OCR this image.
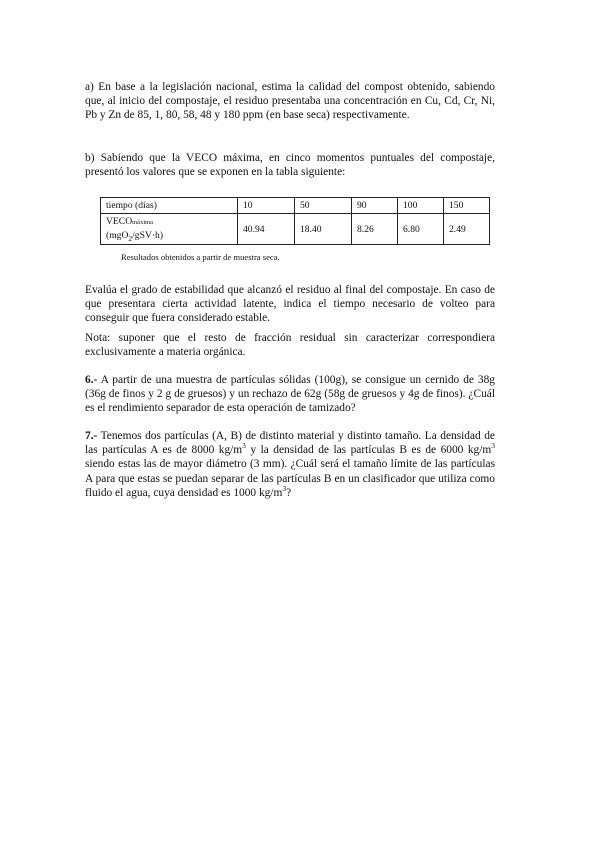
a) En base a la legislación nacional, estima la calidad del compost obtenido, sabiendo que, al inicio del compostaje, el residuo presentaba una concentración en Cu, Cd, Cr, Ni, Pb y Zn de 85, 1, 80, 58, 48 y 180 ppm (en base seca) respectivamente.

b) Sabiendo que la VECO máxima, en cinco momentos puntuales del compostaje, presentó los valores que se exponen en la tabla siguiente:

tiempo (días)	10	50	90	100	150

VECOmáxima
(mgO$_2$/gSV·h)	40.94	18.40	8.26	6.80	2.49

Resultados obtenidos a partir de muestra seca.

Evalúa el grado de estabilidad que alcanzó el residuo al final del compostaje. En caso de que presentara cierta actividad latente, indica el tiempo necesario de volteo para conseguir que fuera considerado estable.

Nota: suponer que el resto de fracción residual sin caracterizar correspondiera exclusivamente a materia orgánica.

6.- A partir de una muestra de partículas sólidas (100g), se consigue un cernido de 38g (36g de finos y 2 g de gruesos) y un rechazo de 62g (58g de gruesos y 4g de finos). ¿Cuál es el rendimiento separador de esta operación de tamizado?

7.- Tenemos dos partículas (A, B) de distinto material y distinto tamaño. La densidad de las partículas A es de 8000 $kg/m^3$ y la densidad de las partículas B es de 6000 $kg/m^3$ siendo estas las de mayor diámetro (3 mm). ¿Cuál será el tamaño límite de las partículas A para que estas se puedan separar de las partículas B en un clasificador que utiliza como fluido el agua, cuya densidad es 1000 $kg/m^3$?
